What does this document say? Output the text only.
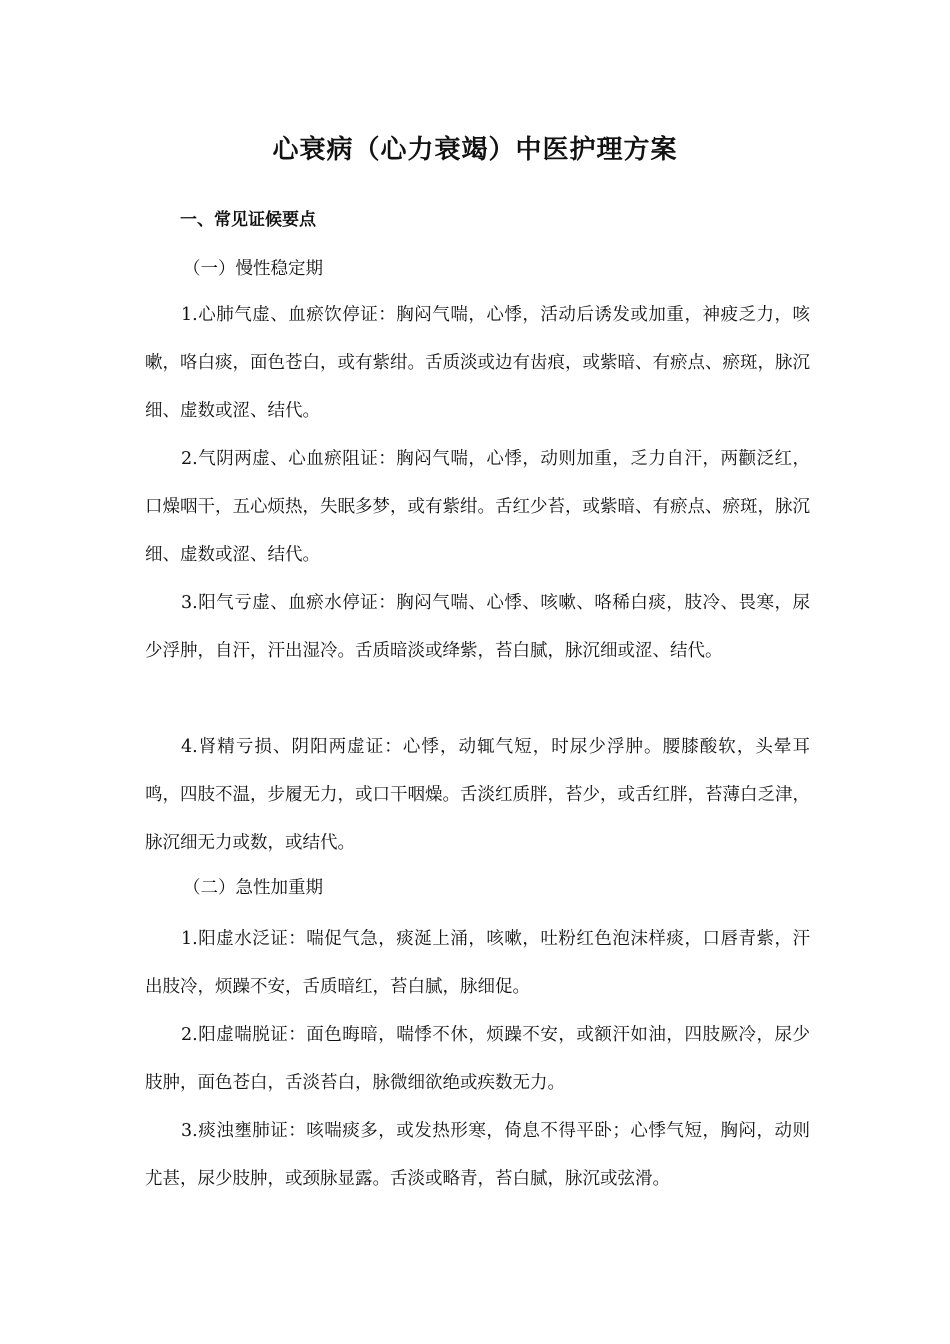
心衰病（心力衰竭）中医护理方案
一、常见证候要点
（一）慢性稳定期

1.心肺气虚、血瘀饮停证：胸闷气喘，心悸，活动后诱发或加重，神疲乏力，咳嗽，咯白痰，面色苍白，或有紫绀。舌质淡或边有齿痕，或紫暗、有瘀点、瘀斑，脉沉细、虚数或涩、结代。

2.气阴两虚、心血瘀阻证：胸闷气喘，心悸，动则加重，乏力自汗，两颧泛红，口燥咽干，五心烦热，失眠多梦，或有紫绀。舌红少苔，或紫暗、有瘀点、瘀斑，脉沉细、虚数或涩、结代。

3.阳气亏虚、血瘀水停证：胸闷气喘、心悸、咳嗽、咯稀白痰，肢冷、畏寒，尿少浮肿，自汗，汗出湿冷。舌质暗淡或绛紫，苔白腻，脉沉细或涩、结代。

4.肾精亏损、阴阳两虚证：心悸，动辄气短，时尿少浮肿。腰膝酸软，头晕耳鸣，四肢不温，步履无力，或口干咽燥。舌淡红质胖，苔少，或舌红胖，苔薄白乏津，脉沉细无力或数，或结代。

（二）急性加重期

1.阳虚水泛证：喘促气急，痰涎上涌，咳嗽，吐粉红色泡沫样痰，口唇青紫，汗出肢冷，烦躁不安，舌质暗红，苔白腻，脉细促。

2.阳虚喘脱证：面色晦暗，喘悸不休，烦躁不安，或额汗如油，四肢厥冷，尿少肢肿，面色苍白，舌淡苔白，脉微细欲绝或疾数无力。

3.痰浊壅肺证：咳喘痰多，或发热形寒，倚息不得平卧；心悸气短，胸闷，动则尤甚，尿少肢肿，或颈脉显露。舌淡或略青，苔白腻，脉沉或弦滑。
